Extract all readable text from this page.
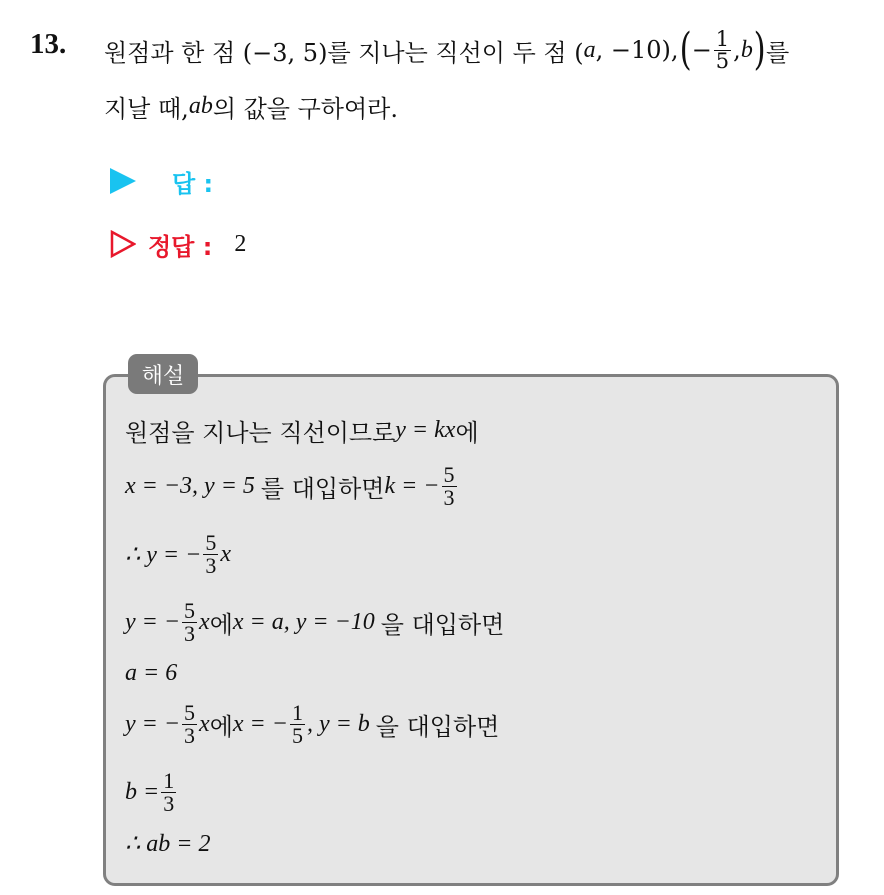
13. 원점과 한 점 (−3, 5)를 지나는 직선이 두 점 ( a , −10), ( − $\frac{1}{5}$ , b ) 를
지날 때, ab 의 값을 구하여라.
답 :
정답 : 2
해설
원점을 지나는 직선이므로 y = kx 에
x = −3, y = 5 를 대입하면 k = − $\frac{5}{3}$
∴ y = − $\frac{5}{3}$ x
y = − $\frac{5}{3}$ x 에 x = a, y = −10 을 대입하면
a = 6
y = − $\frac{5}{3}$ x 에 x = − $\frac{1}{5}$ , y = b 을 대입하면
$b = \frac{1}{3}$
∴ ab = 2
